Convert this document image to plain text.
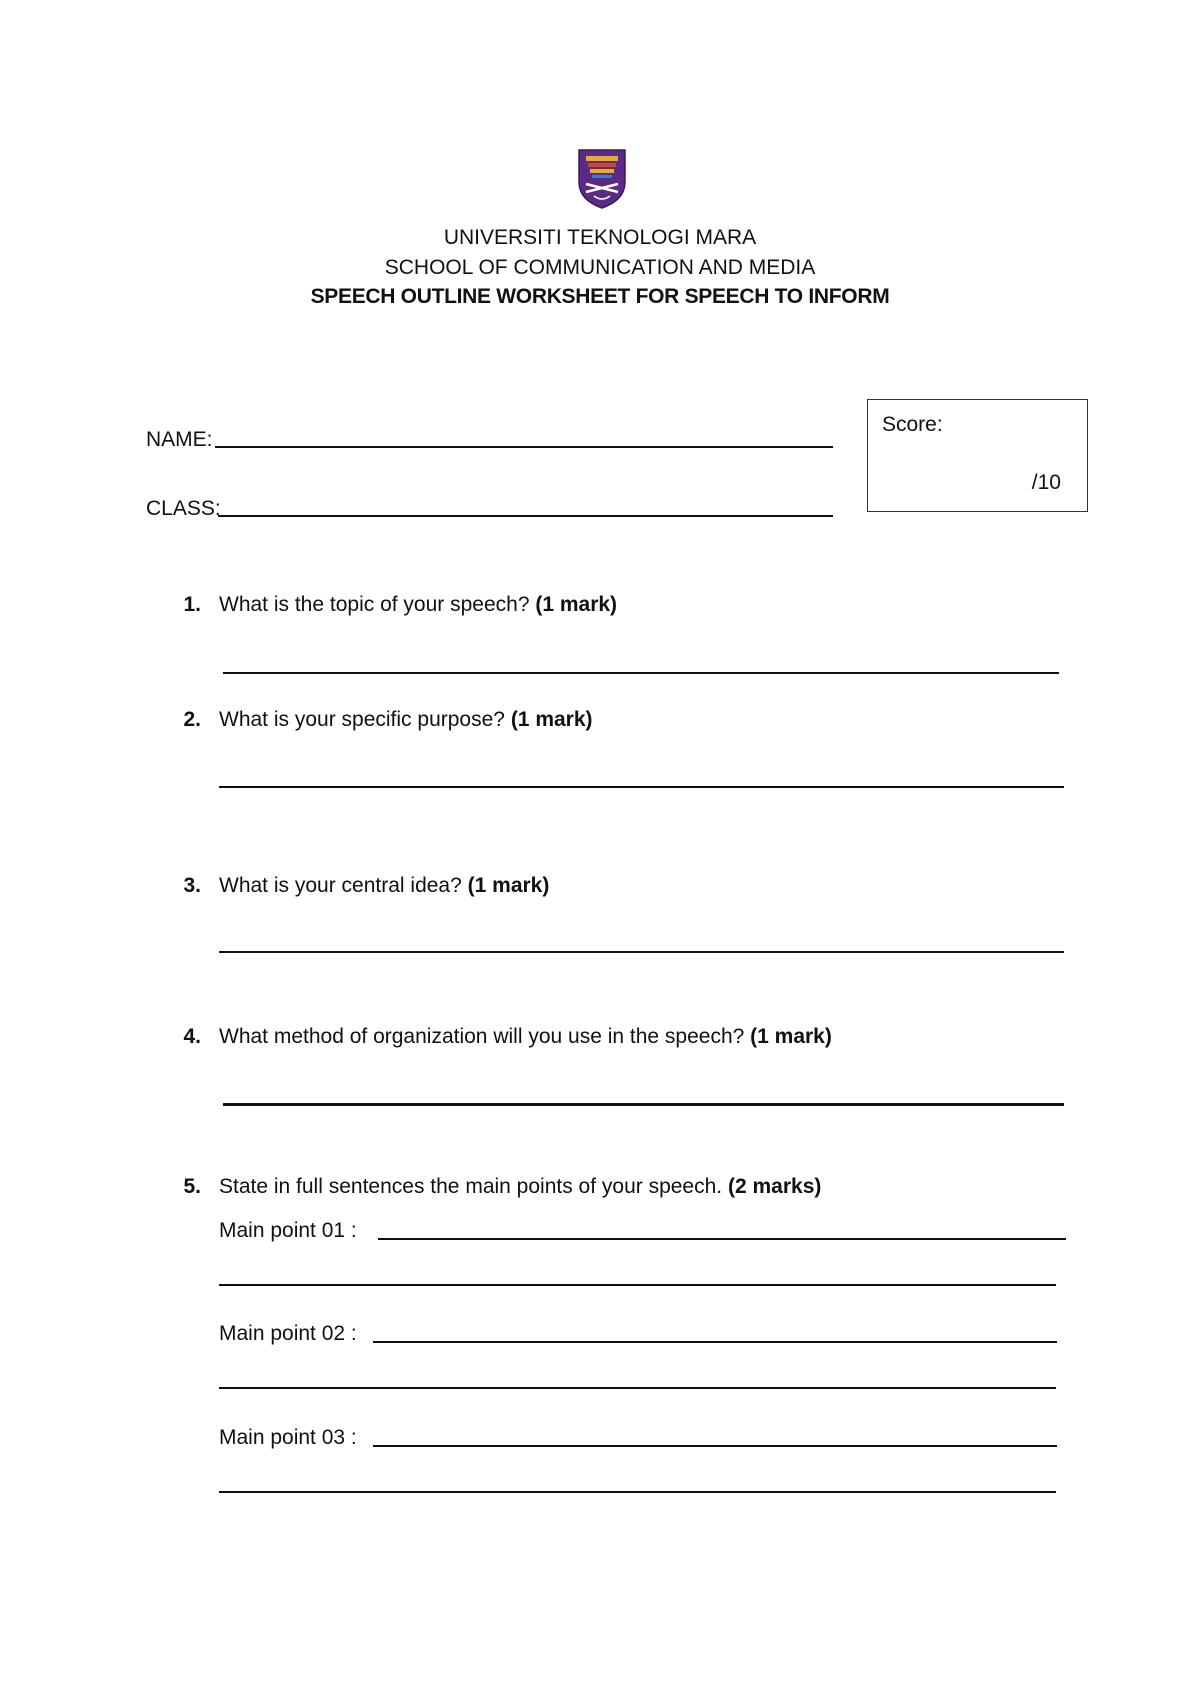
UNIVERSITI TEKNOLOGI MARA
SCHOOL OF COMMUNICATION AND MEDIA
SPEECH OUTLINE WORKSHEET FOR SPEECH TO INFORM
NAME:
CLASS:
Score:
/10
1. What is the topic of your speech? (1 mark)
2. What is your specific purpose? (1 mark)
3. What is your central idea? (1 mark)
4. What method of organization will you use in the speech? (1 mark)
5. State in full sentences the main points of your speech. (2 marks)
Main point 01 :
Main point 02 :
Main point 03 :
